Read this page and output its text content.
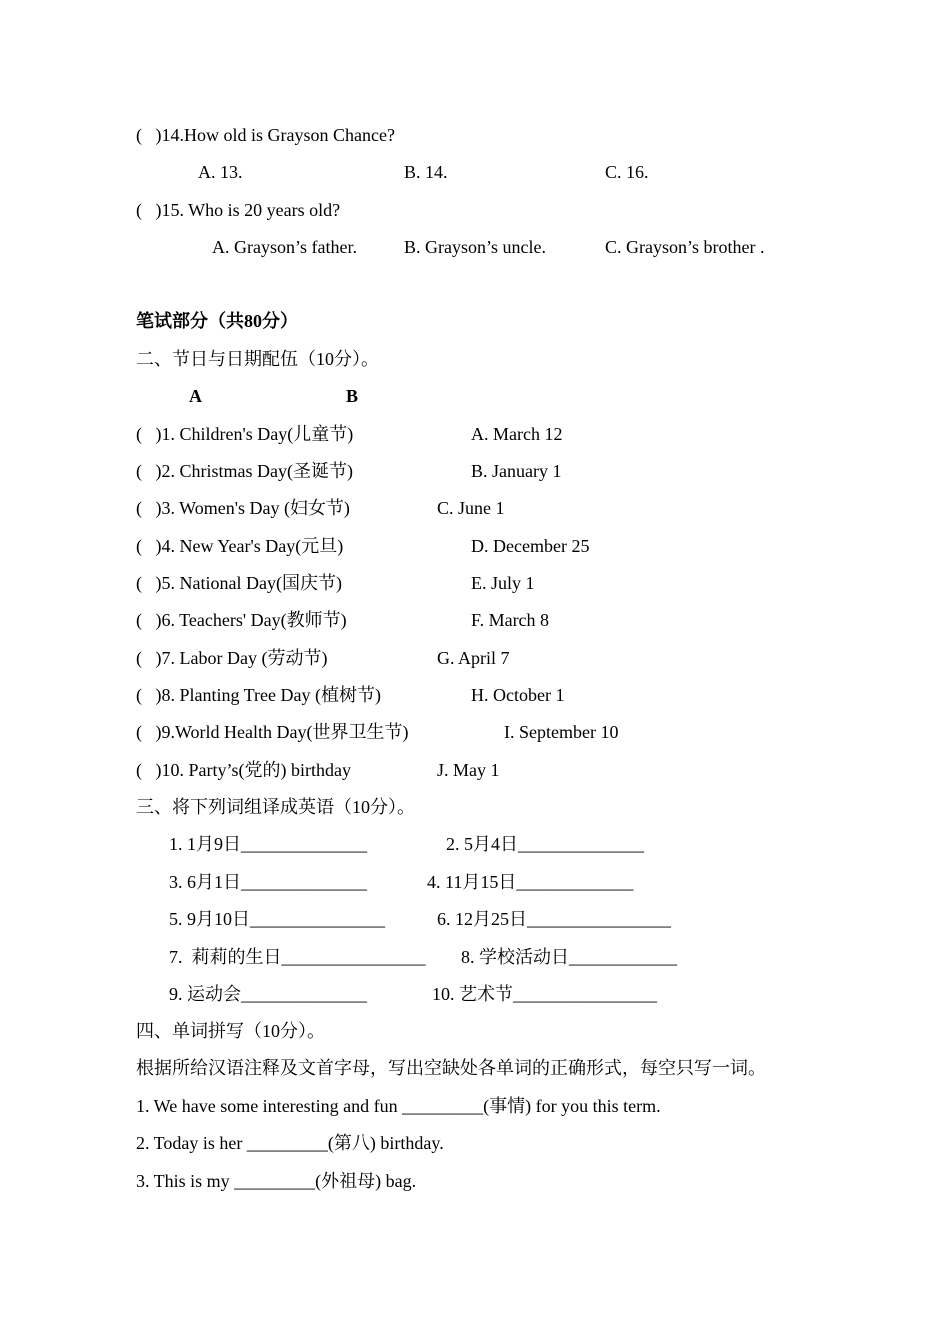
(   )14.How old is Grayson Chance?
A. 13.	B. 14.	C. 16.
(   )15. Who is 20 years old?
A. Grayson’s father.	B. Grayson’s uncle.	C. Grayson’s brother .
笔试部分（共80分）
二、节日与日期配伍（10分）。
A	B
(   )1. Children's Day(儿童节)	A. March 12
(   )2. Christmas Day(圣诞节)	B. January 1
(   )3. Women's Day (妇女节)	C. June 1
(   )4. New Year's Day(元旦)	D. December 25
(   )5. National Day(国庆节)	E. July 1
(   )6. Teachers' Day(教师节)	F. March 8
(   )7. Labor Day (劳动节)	G. April 7
(   )8. Planting Tree Day (植树节)	H. October 1
(   )9.World Health Day(世界卫生节)	I. September 10
(   )10. Party’s(党的) birthday	J. May 1
三、将下列词组译成英语（10分）。
1. 1月9日______________	2. 5月4日______________
3. 6月1日______________	4. 11月15日_____________
5. 9月10日_______________	6. 12月25日________________
7.  莉莉的生日________________ 8. 学校活动日____________
9. 运动会______________	10. 艺术节________________
四、单词拼写（10分）。
根据所给汉语注释及文首字母，写出空缺处各单词的正确形式，每空只写一词。
1. We have some interesting and fun _________(事情) for you this term.
2. Today is her _________(第八) birthday.
3. This is my _________(外祖母) bag.
